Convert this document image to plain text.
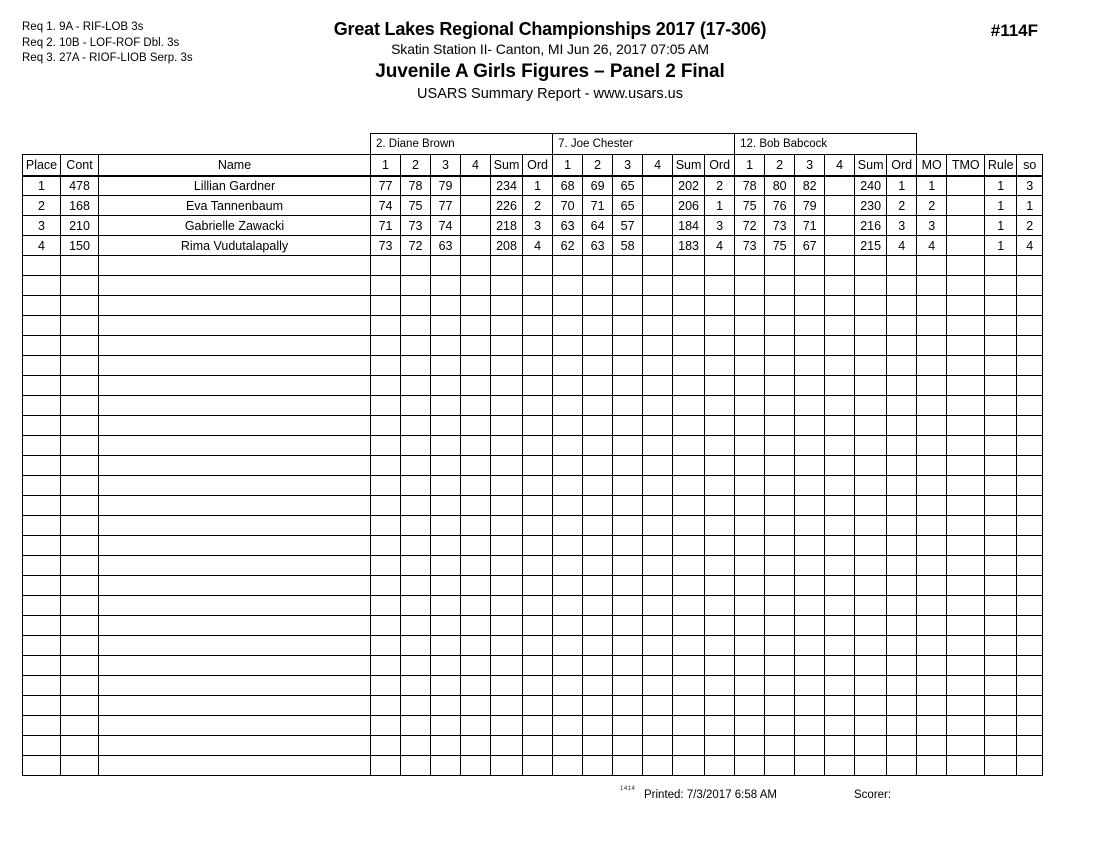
Req 1. 9A - RIF-LOB 3s
Req 2. 10B - LOF-ROF Dbl. 3s
Req 3. 27A - RIOF-LIOB Serp. 3s
Great Lakes Regional Championships 2017 (17-306)
Skatin Station II- Canton, MI Jun 26, 2017 07:05 AM
Juvenile A Girls Figures – Panel 2 Final
USARS Summary Report - www.usars.us
#114F
			2. Diane Brown						7. Joe Chester						12. Bob Babcock									
Place	Cont	Name	1	2	3	4	Sum	Ord	1	2	3	4	Sum	Ord	1	2	3	4	Sum	Ord	MO	TMO	Rule	so
1	478	Lillian Gardner	77	78	79		234	1	68	69	65		202	2	78	80	82		240	1	1		1	3
2	168	Eva Tannenbaum	74	75	77		226	2	70	71	65		206	1	75	76	79		230	2	2		1	1
3	210	Gabrielle Zawacki	71	73	74		218	3	63	64	57		184	3	72	73	71		216	3	3		1	2
4	150	Rima Vudutalapally	73	72	63		208	4	62	63	58		183	4	73	75	67		215	4	4		1	4

1414 Printed: 7/3/2017 6:58 AM	Scorer:
